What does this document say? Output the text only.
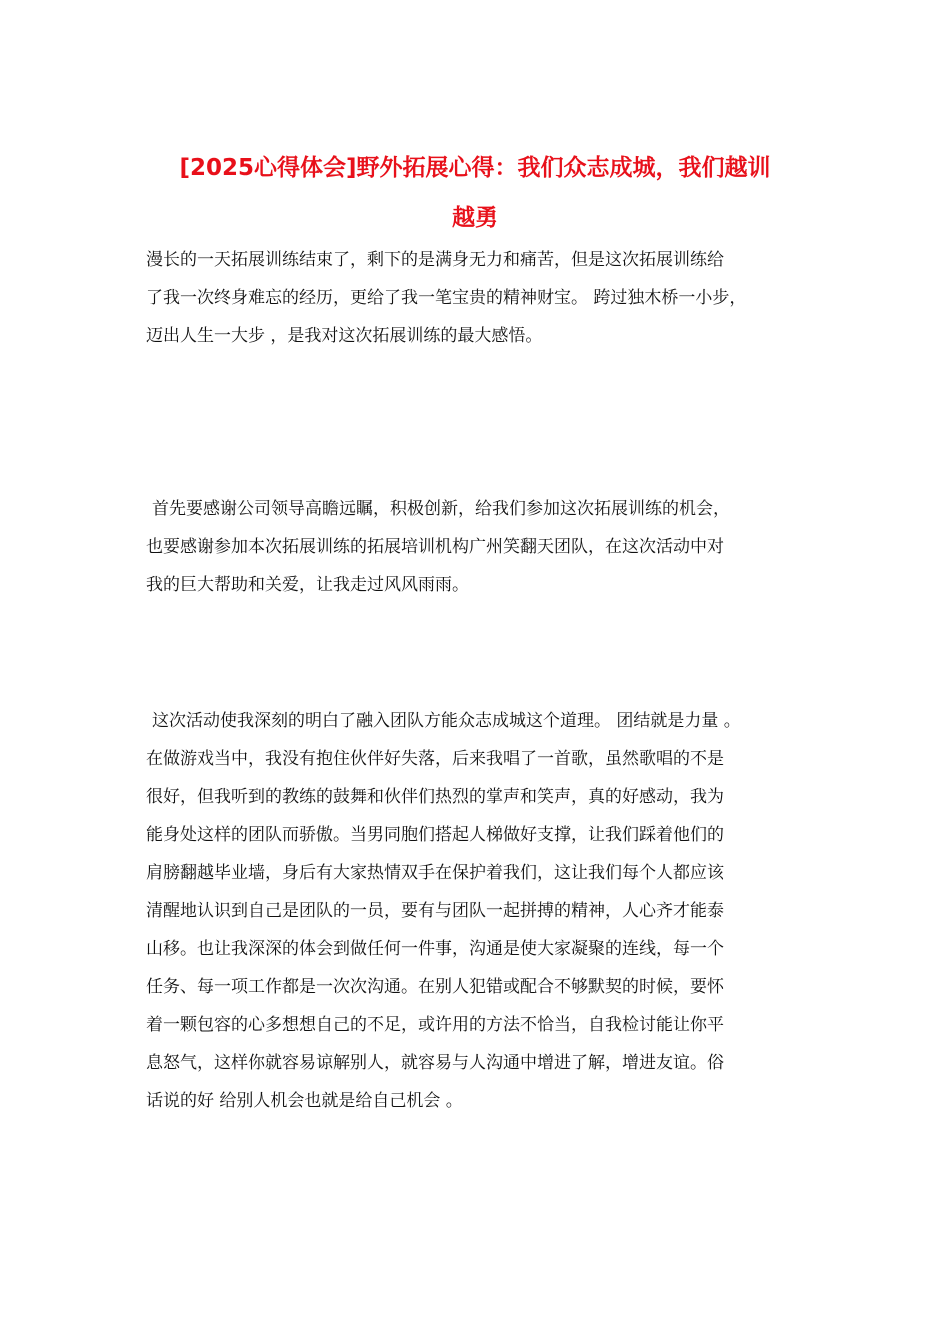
[2025心得体会]野外拓展心得：我们众志成城，我们越训
越勇
漫长的一天拓展训练结束了，剩下的是满身无力和痛苦，但是这次拓展训练给
了我一次终身难忘的经历，更给了我一笔宝贵的精神财宝。 跨过独木桥一小步，
迈出人生一大步 ，是我对这次拓展训练的最大感悟。
首先要感谢公司领导高瞻远瞩，积极创新，给我们参加这次拓展训练的机会，
也要感谢参加本次拓展训练的拓展培训机构广州笑翻天团队，在这次活动中对
我的巨大帮助和关爱，让我走过风风雨雨。
这次活动使我深刻的明白了融入团队方能众志成城这个道理。 团结就是力量 。
在做游戏当中，我没有抱住伙伴好失落，后来我唱了一首歌，虽然歌唱的不是
很好，但我听到的教练的鼓舞和伙伴们热烈的掌声和笑声，真的好感动，我为
能身处这样的团队而骄傲。当男同胞们搭起人梯做好支撑，让我们踩着他们的
肩膀翻越毕业墙，身后有大家热情双手在保护着我们，这让我们每个人都应该
清醒地认识到自己是团队的一员，要有与团队一起拼搏的精神，人心齐才能泰
山移。也让我深深的体会到做任何一件事，沟通是使大家凝聚的连线，每一个
任务、每一项工作都是一次次沟通。在别人犯错或配合不够默契的时候，要怀
着一颗包容的心多想想自己的不足，或许用的方法不恰当，自我检讨能让你平
息怒气，这样你就容易谅解别人，就容易与人沟通中增进了解，增进友谊。俗
话说的好 给别人机会也就是给自己机会 。
